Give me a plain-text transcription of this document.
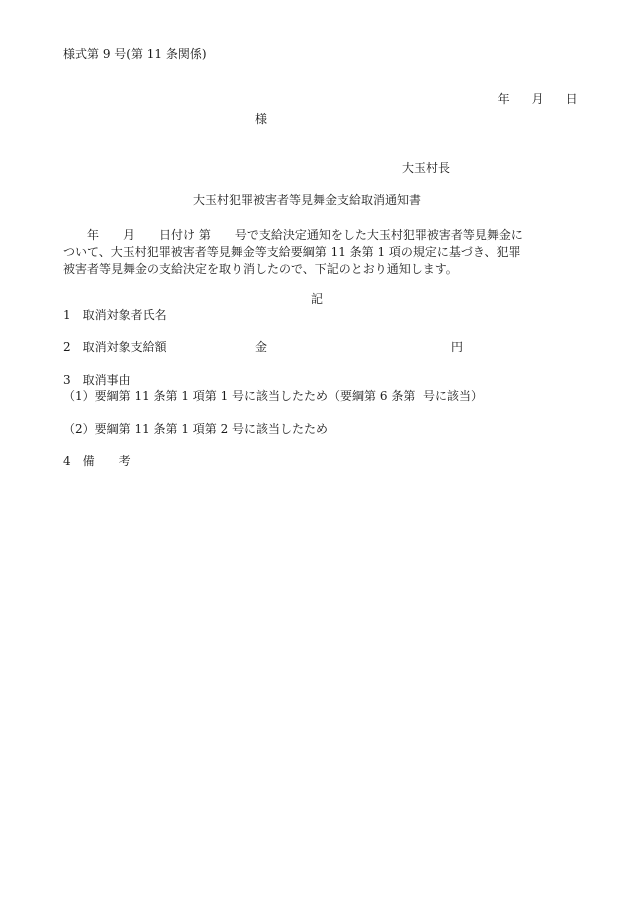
様式第 9 号(第 11 条関係)

年 月 日

様
大玉村長
大玉村犯罪被害者等見舞金支給取消通知書
　　年　　月　　日付け 第　　号で支給決定通知をした大玉村犯罪被害者等見舞金に
ついて、大玉村犯罪被害者等見舞金等支給要綱第 11 条第 1 項の規定に基づき、犯罪
被害者等見舞金の支給決定を取り消したので、下記のとおり通知します。
記
1　取消対象者氏名
2　取消対象支給額	金	円
3　取消事由
（1）要綱第 11 条第 1 項第 1 号に該当したため（要綱第 6 条第  号に該当）
（2）要綱第 11 条第 1 項第 2 号に該当したため
4　備　　考
